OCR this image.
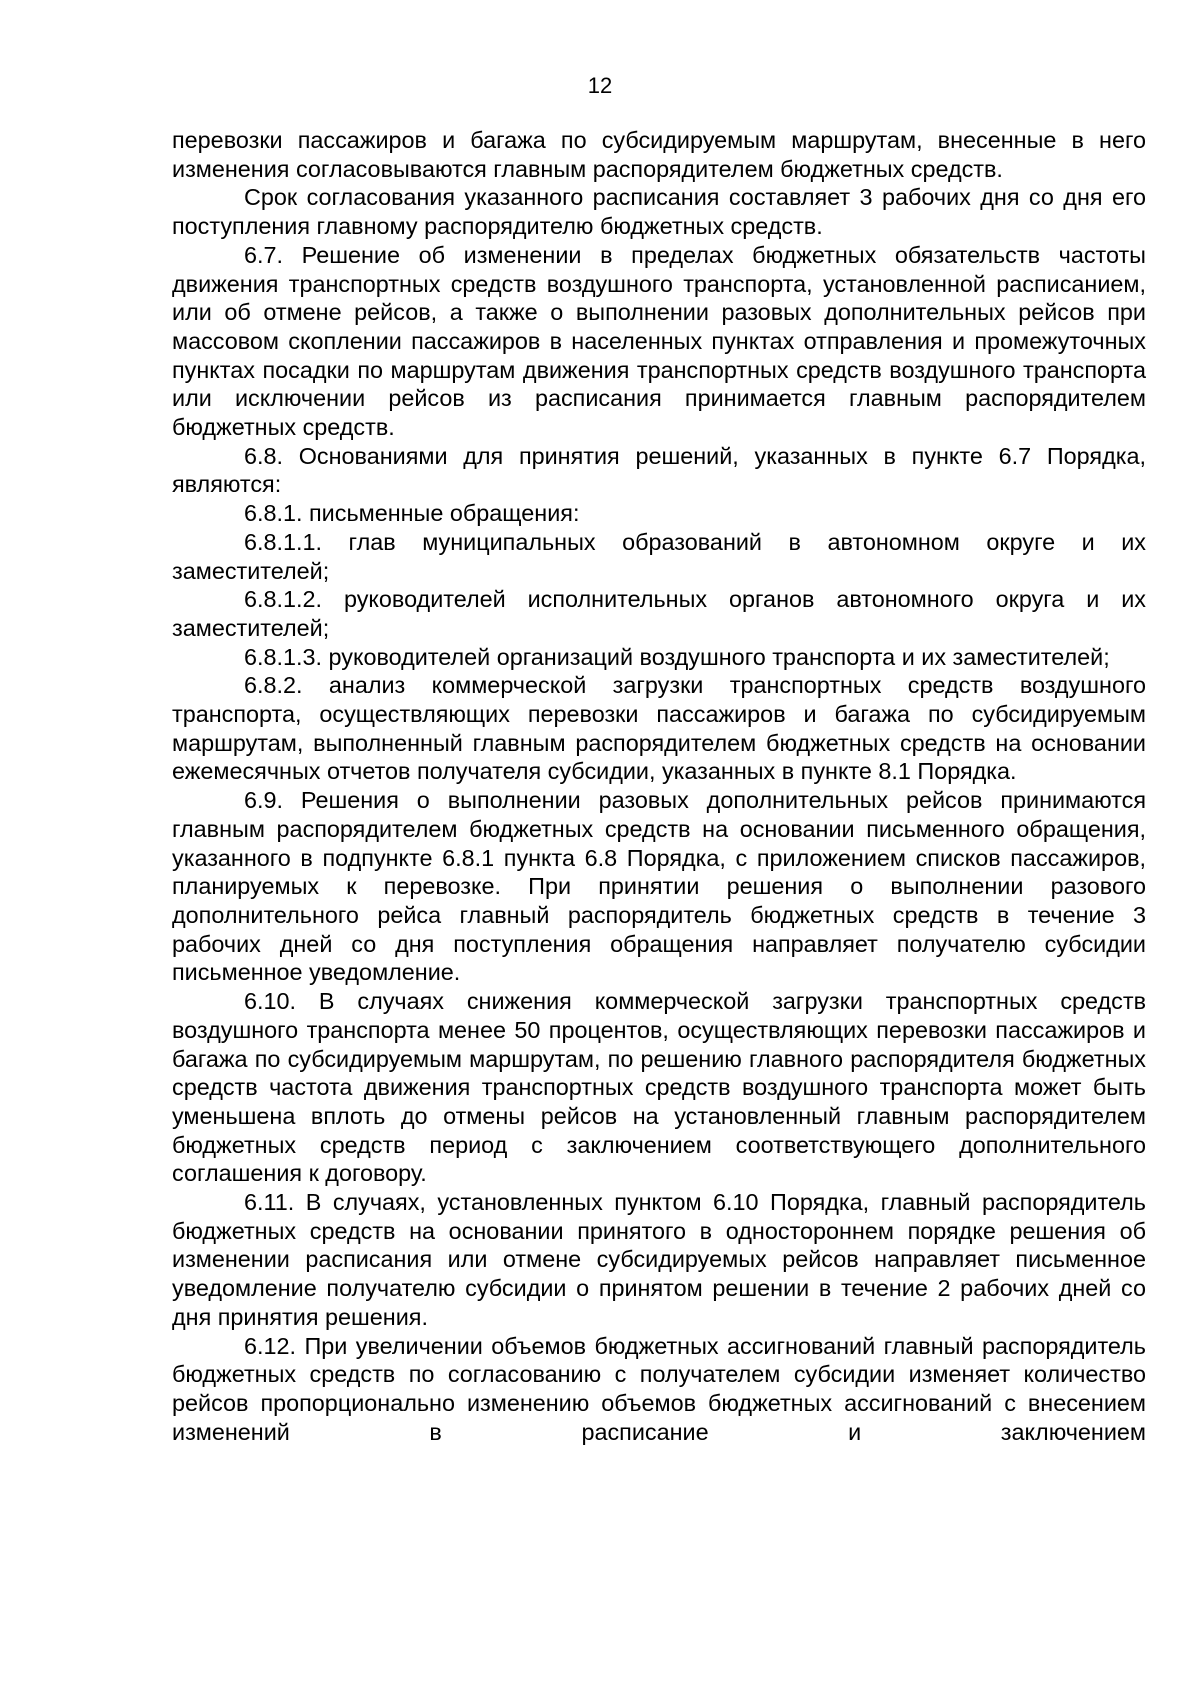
12

перевозки пассажиров и багажа по субсидируемым маршрутам, внесенные в него изменения согласовываются главным распорядителем бюджетных средств.

Срок согласования указанного расписания составляет 3 рабочих дня со дня его поступления главному распорядителю бюджетных средств.

6.7. Решение об изменении в пределах бюджетных обязательств частоты движения транспортных средств воздушного транспорта, установленной расписанием, или об отмене рейсов, а также о выполнении разовых дополнительных рейсов при массовом скоплении пассажиров в населенных пунктах отправления и промежуточных пунктах посадки по маршрутам движения транспортных средств воздушного транспорта или исключении рейсов из расписания принимается главным распорядителем бюджетных средств.

6.8. Основаниями для принятия решений, указанных в пункте 6.7 Порядка, являются:

6.8.1. письменные обращения:

6.8.1.1. глав муниципальных образований в автономном округе и их заместителей;

6.8.1.2. руководителей исполнительных органов автономного округа и их заместителей;

6.8.1.3. руководителей организаций воздушного транспорта и их заместителей;

6.8.2. анализ коммерческой загрузки транспортных средств воздушного транспорта, осуществляющих перевозки пассажиров и багажа по субсидируемым маршрутам, выполненный главным распорядителем бюджетных средств на основании ежемесячных отчетов получателя субсидии, указанных в пункте 8.1 Порядка.

6.9. Решения о выполнении разовых дополнительных рейсов принимаются главным распорядителем бюджетных средств на основании письменного обращения, указанного в подпункте 6.8.1 пункта 6.8 Порядка, с приложением списков пассажиров, планируемых к перевозке. При принятии решения о выполнении разового дополнительного рейса главный распорядитель бюджетных средств в течение 3 рабочих дней со дня поступления обращения направляет получателю субсидии письменное уведомление.

6.10. В случаях снижения коммерческой загрузки транспортных средств воздушного транспорта менее 50 процентов, осуществляющих перевозки пассажиров и багажа по субсидируемым маршрутам, по решению главного распорядителя бюджетных средств частота движения транспортных средств воздушного транспорта может быть уменьшена вплоть до отмены рейсов на установленный главным распорядителем бюджетных средств период с заключением соответствующего дополнительного соглашения к договору.

6.11. В случаях, установленных пунктом 6.10 Порядка, главный распорядитель бюджетных средств на основании принятого в одностороннем порядке решения об изменении расписания или отмене субсидируемых рейсов направляет письменное уведомление получателю субсидии о принятом решении в течение 2 рабочих дней со дня принятия решения.

6.12. При увеличении объемов бюджетных ассигнований главный распорядитель бюджетных средств по согласованию с получателем субсидии изменяет количество рейсов пропорционально изменению объемов бюджетных ассигнований с внесением изменений в расписание и заключением
